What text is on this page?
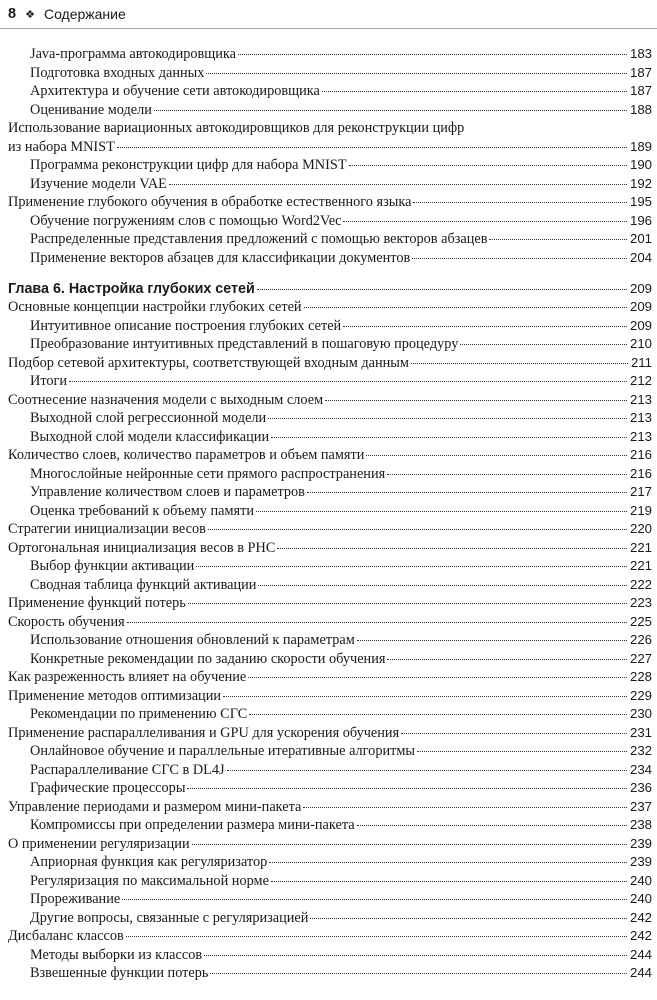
8 ❖ Содержание
Java-программа автокодировщика	183
Подготовка входных данных	187
Архитектура и обучение сети автокодировщика	187
Оценивание модели	188
Использование вариационных автокодировщиков для реконструкции цифр
из набора MNIST	189
Программа реконструкции цифр для набора MNIST	190
Изучение модели VAE	192
Применение глубокого обучения в обработке естественного языка	195
Обучение погружениям слов с помощью Word2Vec	196
Распределенные представления предложений с помощью векторов абзацев	201
Применение векторов абзацев для классификации документов	204
Глава 6. Настройка глубоких сетей	209
Основные концепции настройки глубоких сетей	209
Интуитивное описание построения глубоких сетей	209
Преобразование интуитивных представлений в пошаговую процедуру	210
Подбор сетевой архитектуры, соответствующей входным данным	211
Итоги	212
Соотнесение назначения модели с выходным слоем	213
Выходной слой регрессионной модели	213
Выходной слой модели классификации	213
Количество слоев, количество параметров и объем памяти	216
Многослойные нейронные сети прямого распространения	216
Управление количеством слоев и параметров	217
Оценка требований к объему памяти	219
Стратегии инициализации весов	220
Ортогональная инициализация весов в РНС	221
Выбор функции активации	221
Сводная таблица функций активации	222
Применение функций потерь	223
Скорость обучения	225
Использование отношения обновлений к параметрам	226
Конкретные рекомендации по заданию скорости обучения	227
Как разреженность влияет на обучение	228
Применение методов оптимизации	229
Рекомендации по применению СГС	230
Применение распараллеливания и GPU для ускорения обучения	231
Онлайновое обучение и параллельные итеративные алгоритмы	232
Распараллеливание СГС в DL4J	234
Графические процессоры	236
Управление периодами и размером мини-пакета	237
Компромиссы при определении размера мини-пакета	238
О применении регуляризации	239
Априорная функция как регуляризатор	239
Регуляризация по максимальной норме	240
Прореживание	240
Другие вопросы, связанные с регуляризацией	242
Дисбаланс классов	242
Методы выборки из классов	244
Взвешенные функции потерь	244
